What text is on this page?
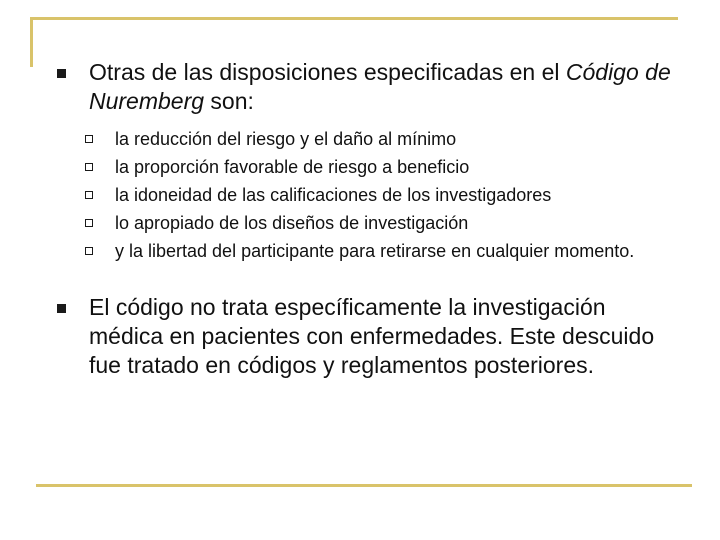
Otras de las disposiciones especificadas en el Código de Nuremberg son:
la reducción del riesgo y el daño al mínimo
la proporción favorable de riesgo a beneficio
la idoneidad de las calificaciones de los investigadores
lo apropiado de los diseños de investigación
y la libertad del participante para retirarse en cualquier momento.
El código no trata específicamente la investigación médica en pacientes con enfermedades. Este descuido fue tratado en códigos y reglamentos posteriores.
